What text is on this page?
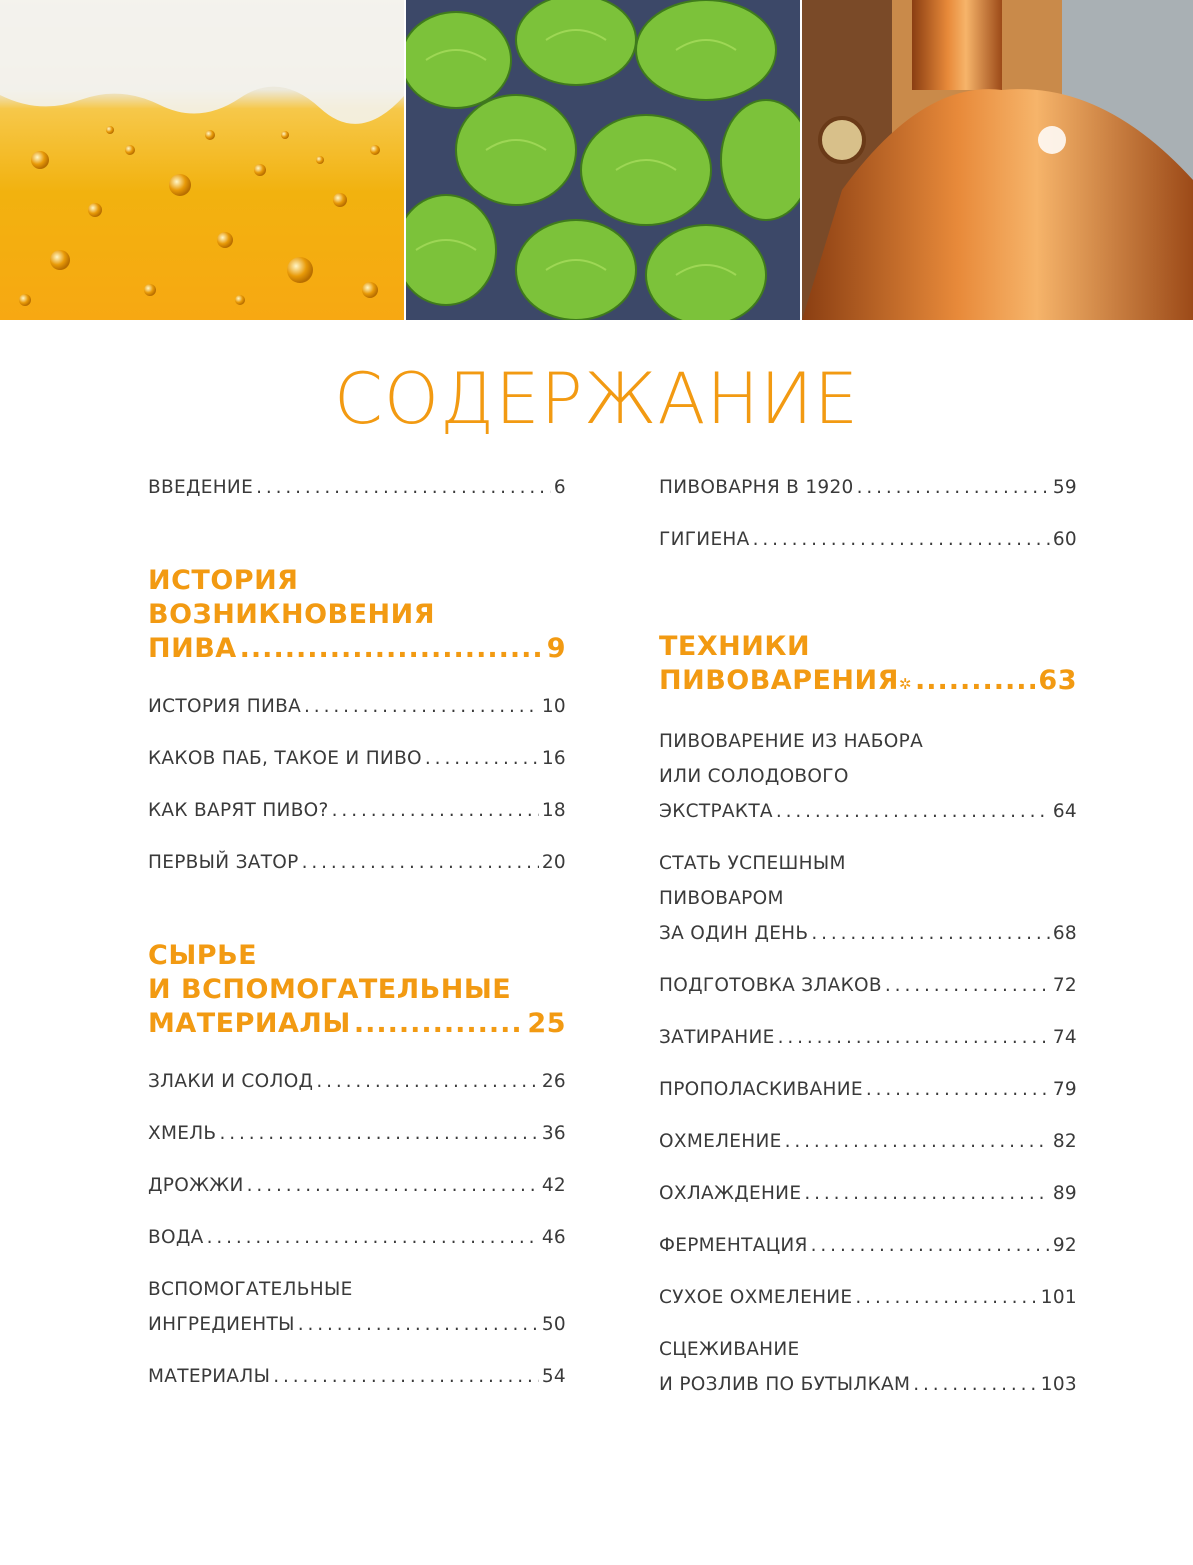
СОДЕРЖАНИЕ
ВВЕДЕНИЕ . . .	6
ИСТОРИЯ
ВОЗНИКНОВЕНИЯ
ПИВА .....	9
ИСТОРИЯ ПИВА . . .	10
КАКОВ ПАБ, ТАКОЕ И ПИВО . . .	16
КАК ВАРЯТ ПИВО? . . .	18
ПЕРВЫЙ ЗАТОР . . .	20
СЫРЬЕ
И ВСПОМОГАТЕЛЬНЫЕ
МАТЕРИАЛЫ .....	25
ЗЛАКИ И СОЛОД . . .	26
ХМЕЛЬ . . .	36
ДРОЖЖИ . . .	42
ВОДА . . .	46
ВСПОМОГАТЕЛЬНЫЕ
ИНГРЕДИЕНТЫ . . .	50
МАТЕРИАЛЫ . . .	54
ПИВОВАРНЯ В 1920 . . .	59
ГИГИЕНА . . .	60
ТЕХНИКИ
ПИВОВАРЕНИЯ ✲ .....	63
ПИВОВАРЕНИЕ ИЗ НАБОРА
ИЛИ СОЛОДОВОГО
ЭКСТРАКТА . . .	64
СТАТЬ УСПЕШНЫМ
ПИВОВАРОМ
ЗА ОДИН ДЕНЬ . . .	68
ПОДГОТОВКА ЗЛАКОВ . . .	72
ЗАТИРАНИЕ . . .	74
ПРОПОЛАСКИВАНИЕ . . .	79
ОХМЕЛЕНИЕ . . .	82
ОХЛАЖДЕНИЕ . . .	89
ФЕРМЕНТАЦИЯ . . .	92
СУХОЕ ОХМЕЛЕНИЕ . . .	101
СЦЕЖИВАНИЕ
И РОЗЛИВ ПО БУТЫЛКАМ . . .	103
